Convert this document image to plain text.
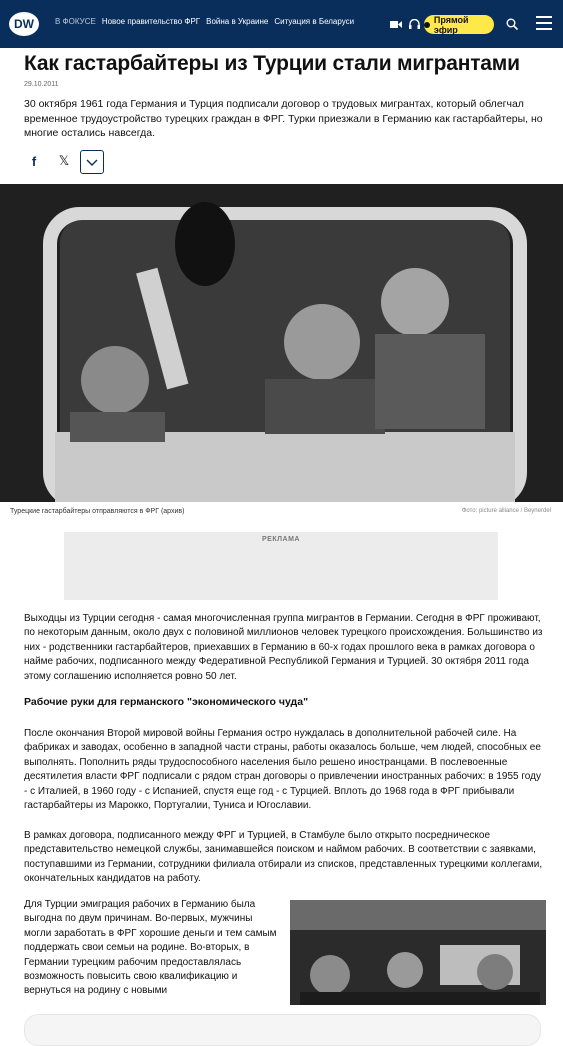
DW	В ФОКУСЕ Новое правительство ФРГ Война в Украине Ситуация в Беларуси	Прямой эфир
Как гастарбайтеры из Турции стали мигрантами
29.10.2011

30 октября 1961 года Германия и Турция подписали договор о трудовых мигрантах, который облегчал временное трудоустройство турецких граждан в ФРГ. Турки приезжали в Германию как гастарбайтеры, но многие остались навсегда.

f	𝕏
Турецкие гастарбайтеры отправляются в ФРГ (архив)	Фото: picture alliance / Beynerdel
РЕКЛАМА

Выходцы из Турции сегодня - самая многочисленная группа мигрантов в Германии. Сегодня в ФРГ проживают, по некоторым данным, около двух с половиной миллионов человек турецкого происхождения. Большинство из них - родственники гастарбайтеров, приехавших в Германию в 60-х годах прошлого века в рамках договора о найме рабочих, подписанного между Федеративной Республикой Германия и Турцией. 30 октября 2011 года этому соглашению исполняется ровно 50 лет.

Рабочие руки для германского "экономического чуда"

После окончания Второй мировой войны Германия остро нуждалась в дополнительной рабочей силе. На фабриках и заводах, особенно в западной части страны, работы оказалось больше, чем людей, способных ее выполнять. Пополнить ряды трудоспособного населения было решено иностранцами. В послевоенные десятилетия власти ФРГ подписали с рядом стран договоры о привлечении иностранных рабочих: в 1955 году - с Италией, в 1960 году - с Испанией, спустя еще год - с Турцией. Вплоть до 1968 года в ФРГ прибывали гастарбайтеры из Марокко, Португалии, Туниса и Югославии.

В рамках договора, подписанного между ФРГ и Турцией, в Стамбуле было открыто посредническое представительство немецкой службы, занимавшейся поиском и наймом рабочих. В соответствии с заявками, поступавшими из Германии, сотрудники филиала отбирали из списков, представленных турецкими коллегами, окончательных кандидатов на работу.

Для Турции эмиграция рабочих в Германию была выгодна по двум причинам. Во-первых, мужчины могли заработать в ФРГ хорошие деньги и тем самым поддержать свои семьи на родине. Во-вторых, в Германии турецким рабочим предоставлялась возможность повысить свою квалификацию и вернуться на родину с новыми
